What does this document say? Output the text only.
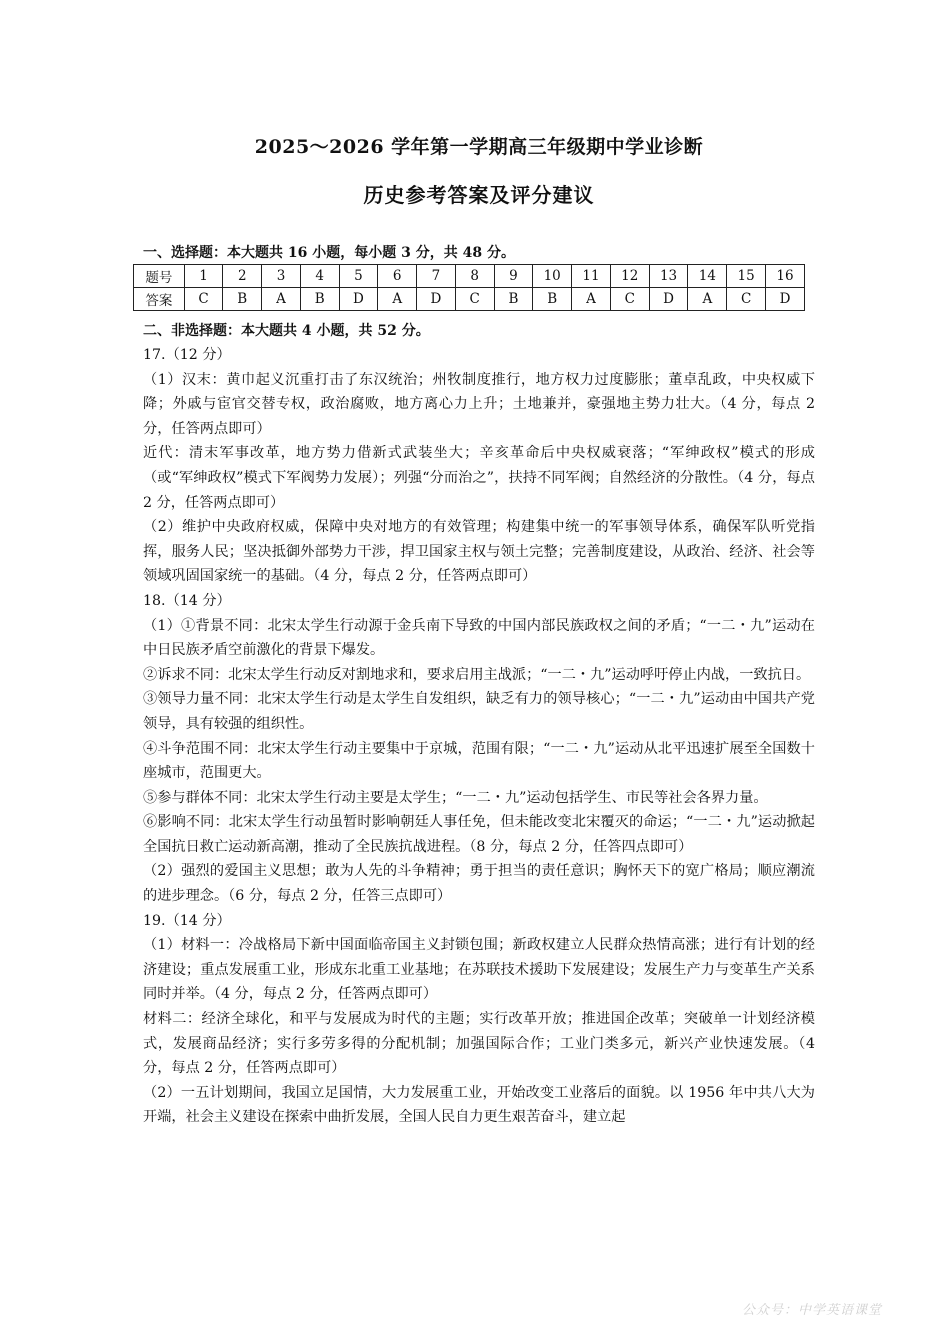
2025～2026 学年第一学期高三年级期中学业诊断
历史参考答案及评分建议
一、选择题：本大题共 16 小题，每小题 3 分，共 48 分。
题号	1	2	3	4	5	6	7	8	9	10	11	12	13	14	15	16
答案	C	B	A	B	D	A	D	C	B	B	A	C	D	A	C	D
二、非选择题：本大题共 4 小题，共 52 分。

17.（12 分）

（1）汉末：黄巾起义沉重打击了东汉统治；州牧制度推行，地方权力过度膨胀；董卓乱政，中央权威下降；外戚与宦官交替专权，政治腐败，地方离心力上升；土地兼并，豪强地主势力壮大。（4 分，每点 2 分，任答两点即可）

近代：清末军事改革，地方势力借新式武装坐大；辛亥革命后中央权威衰落；“军绅政权”模式的形成（或“军绅政权”模式下军阀势力发展）；列强“分而治之”，扶持不同军阀；自然经济的分散性。（4 分，每点 2 分，任答两点即可）

（2）维护中央政府权威，保障中央对地方的有效管理；构建集中统一的军事领导体系，确保军队听党指挥，服务人民；坚决抵御外部势力干涉，捍卫国家主权与领土完整；完善制度建设，从政治、经济、社会等领域巩固国家统一的基础。（4 分，每点 2 分，任答两点即可）

18.（14 分）

（1）①背景不同：北宋太学生行动源于金兵南下导致的中国内部民族政权之间的矛盾；“一二・九”运动在中日民族矛盾空前激化的背景下爆发。

②诉求不同：北宋太学生行动反对割地求和，要求启用主战派；“一二・九”运动呼吁停止内战，一致抗日。

③领导力量不同：北宋太学生行动是太学生自发组织，缺乏有力的领导核心；“一二・九”运动由中国共产党领导，具有较强的组织性。

④斗争范围不同：北宋太学生行动主要集中于京城，范围有限；“一二・九”运动从北平迅速扩展至全国数十座城市，范围更大。

⑤参与群体不同：北宋太学生行动主要是太学生；“一二・九”运动包括学生、市民等社会各界力量。

⑥影响不同：北宋太学生行动虽暂时影响朝廷人事任免，但未能改变北宋覆灭的命运；“一二・九”运动掀起全国抗日救亡运动新高潮，推动了全民族抗战进程。（8 分，每点 2 分，任答四点即可）

（2）强烈的爱国主义思想；敢为人先的斗争精神；勇于担当的责任意识；胸怀天下的宽广格局；顺应潮流的进步理念。（6 分，每点 2 分，任答三点即可）

19.（14 分）

（1）材料一：冷战格局下新中国面临帝国主义封锁包围；新政权建立人民群众热情高涨；进行有计划的经济建设；重点发展重工业，形成东北重工业基地；在苏联技术援助下发展建设；发展生产力与变革生产关系同时并举。（4 分，每点 2 分，任答两点即可）

材料二：经济全球化，和平与发展成为时代的主题；实行改革开放；推进国企改革；突破单一计划经济模式，发展商品经济；实行多劳多得的分配机制；加强国际合作；工业门类多元，新兴产业快速发展。（4 分，每点 2 分，任答两点即可）

（2）一五计划期间，我国立足国情，大力发展重工业，开始改变工业落后的面貌。以 1956 年中共八大为开端，社会主义建设在探索中曲折发展，全国人民自力更生艰苦奋斗，建立起

公众号：中学英语课堂
